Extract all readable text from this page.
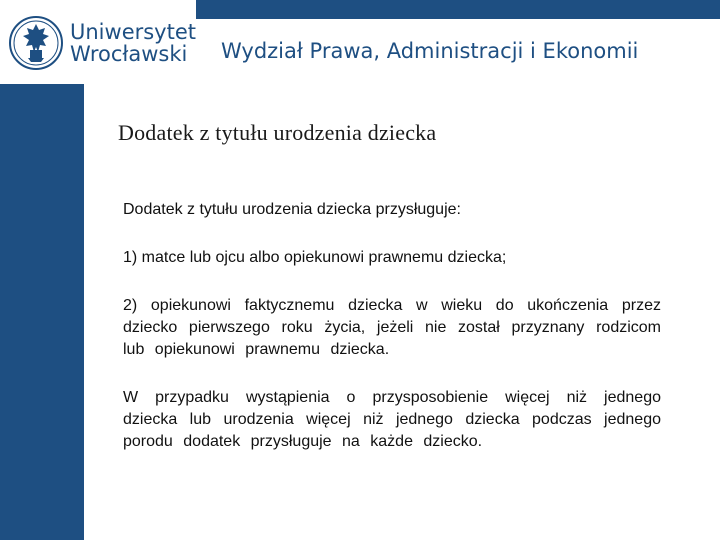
Uniwersytet
Wrocławski	Wydział Prawa, Administracji i Ekonomii
Dodatek z tytułu urodzenia dziecka

Dodatek z tytułu urodzenia dziecka przysługuje:

1) matce lub ojcu albo opiekunowi prawnemu dziecka;

2) opiekunowi faktycznemu dziecka w wieku do ukończenia przez dziecko pierwszego roku życia, jeżeli nie został przyznany rodzicom lub opiekunowi prawnemu dziecka.

W przypadku wystąpienia o przysposobienie więcej niż jednego dziecka lub urodzenia więcej niż jednego dziecka podczas jednego porodu dodatek przysługuje na każde dziecko.
